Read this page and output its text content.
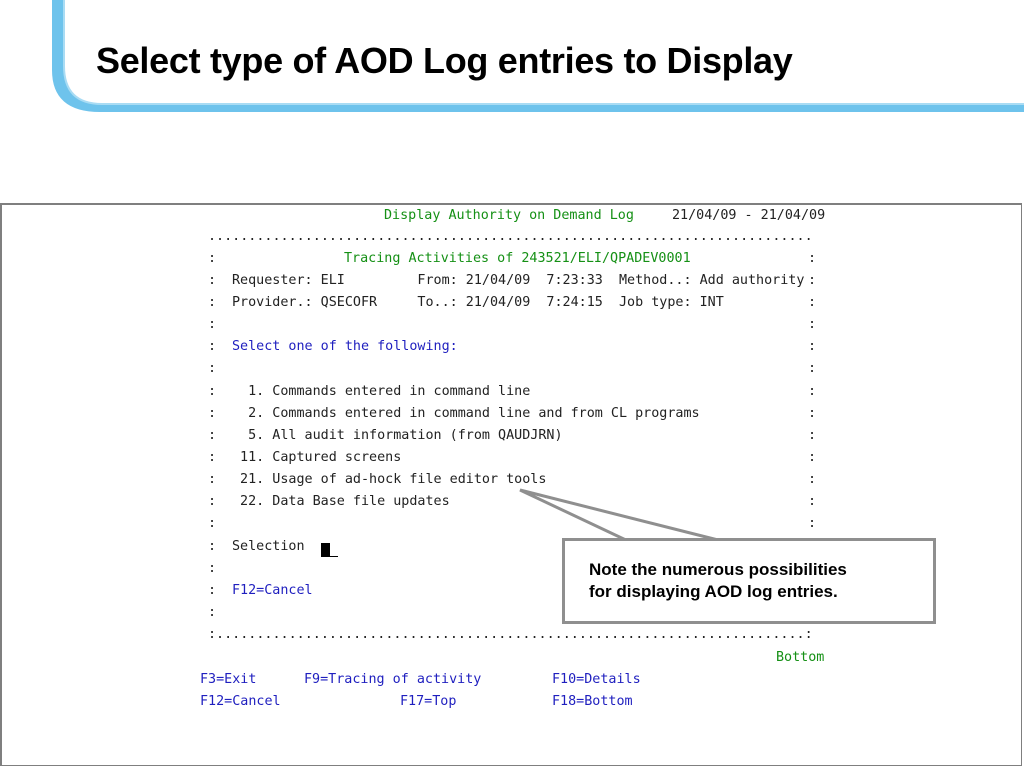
Select type of AOD Log entries to Display
Display Authority on Demand Log	21/04/09 - 21/04/09
...........................................................................
:	Tracing Activities of 243521/ELI/QPADEV0001	:
: Requester: ELI         From: 21/04/09  7:23:33  Method..: Add authority :
: Provider.: QSECOFR     To..: 21/04/09  7:24:15  Job type: INT	:
:	:
: Select one of the following:	:
:	:
: 1. Commands entered in command line	:
: 2. Commands entered in command line and from CL programs	:
: 5. All audit information (from QAUDJRN)	:
: 11. Captured screens	:
: 21. Usage of ad-hock file editor tools	:
: 22. Data Base file updates	:
:	:
: Selection
:
: F12=Cancel
:
:.........................................................................:
Bottom
F3=Exit	F9=Tracing of activity	F10=Details
F12=Cancel	F17=Top	F18=Bottom
Note the numerous possibilities
for displaying AOD log entries.
